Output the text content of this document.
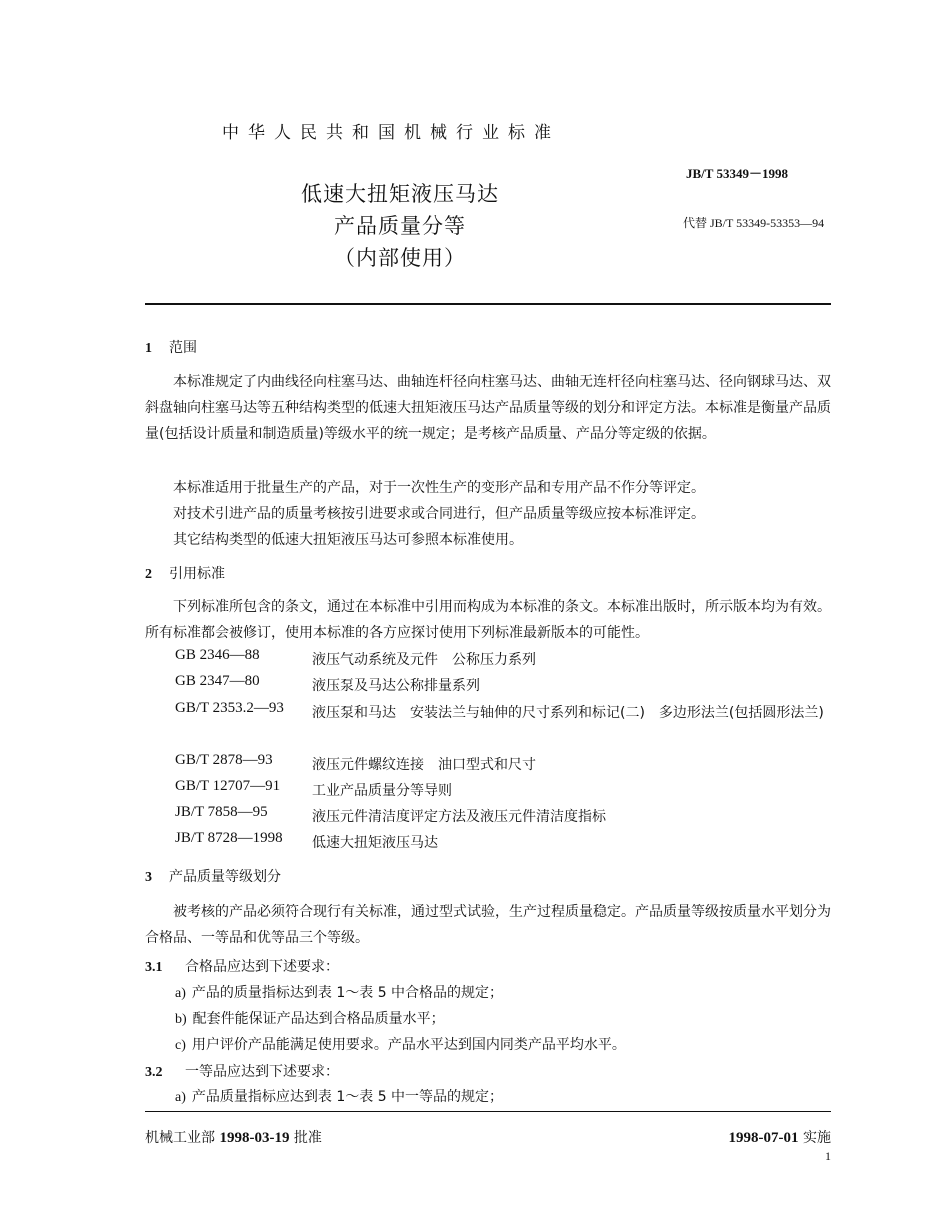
中华人民共和国机械行业标准
JB/T 53349－1998
代替 JB/T 53349-53353—94
低速大扭矩液压马达
产品质量分等
（内部使用）
1 范围
本标准规定了内曲线径向柱塞马达、曲轴连杆径向柱塞马达、曲轴无连杆径向柱塞马达、径向钢球马达、双斜盘轴向柱塞马达等五种结构类型的低速大扭矩液压马达产品质量等级的划分和评定方法。本标准是衡量产品质量(包括设计质量和制造质量)等级水平的统一规定；是考核产品质量、产品分等定级的依据。
本标准适用于批量生产的产品，对于一次性生产的变形产品和专用产品不作分等评定。
对技术引进产品的质量考核按引进要求或合同进行，但产品质量等级应按本标准评定。
其它结构类型的低速大扭矩液压马达可参照本标准使用。
2 引用标准
下列标准所包含的条文，通过在本标准中引用而构成为本标准的条文。本标准出版时，所示版本均为有效。所有标准都会被修订，使用本标准的各方应探讨使用下列标准最新版本的可能性。
GB 2346—88	液压气动系统及元件　公称压力系列
GB 2347—80	液压泵及马达公称排量系列
GB/T 2353.2—93 液压泵和马达　安装法兰与轴伸的尺寸系列和标记(二)　多边形法兰(包括圆形法兰)
GB/T 2878—93	液压元件螺纹连接　油口型式和尺寸
GB/T 12707—91 工业产品质量分等导则
JB/T 7858—95	液压元件清洁度评定方法及液压元件清洁度指标
JB/T 8728—1998 低速大扭矩液压马达
3 产品质量等级划分
被考核的产品必须符合现行有关标准，通过型式试验，生产过程质量稳定。产品质量等级按质量水平划分为合格品、一等品和优等品三个等级。
3.1 合格品应达到下述要求：
a) 产品的质量指标达到表 1～表 5 中合格品的规定；
b) 配套件能保证产品达到合格品质量水平；
c) 用户评价产品能满足使用要求。产品水平达到国内同类产品平均水平。
3.2 一等品应达到下述要求：
a) 产品质量指标应达到表 1～表 5 中一等品的规定；
机械工业部 1998-03-19 批准	1998-07-01 实施
1
